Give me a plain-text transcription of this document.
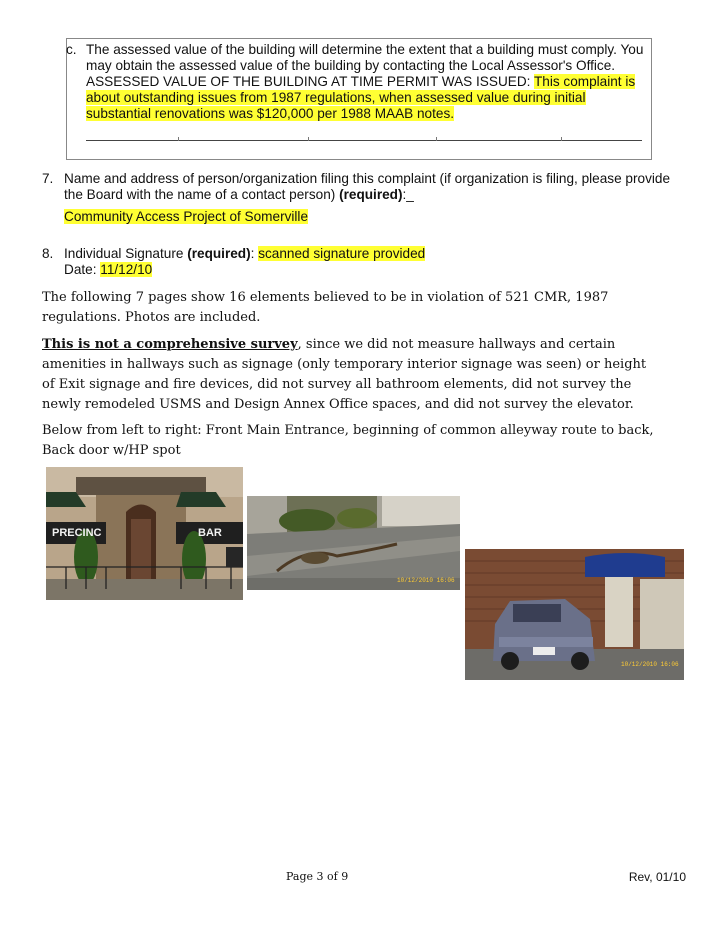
c. The assessed value of the building will determine the extent that a building must comply. You may obtain the assessed value of the building by contacting the Local Assessor's Office.
ASSESSED VALUE OF THE BUILDING AT TIME PERMIT WAS ISSUED: This complaint is about outstanding issues from 1987 regulations, when assessed value during initial substantial renovations was $120,000 per 1988 MAAB notes.
7. Name and address of person/organization filing this complaint (if organization is filing, please provide the Board with the name of a contact person) (required):_
Community Access Project of Somerville
8. Individual Signature (required): scanned signature provided
Date: 11/12/10
The following 7 pages show 16 elements believed to be in violation of 521 CMR, 1987 regulations. Photos are included.
This is not a comprehensive survey, since we did not measure hallways and certain amenities in hallways such as signage (only temporary interior signage was seen) or height of Exit signage and fire devices, did not survey all bathroom elements, did not survey the newly remodeled USMS and Design Annex Office spaces, and did not survey the elevator.
Below from left to right: Front Main Entrance, beginning of common alleyway route to back, Back door w/HP spot
PRECINC	BAR
10/12/2010 16:06
10/12/2010 16:06
Page 3 of 9	Rev, 01/10
